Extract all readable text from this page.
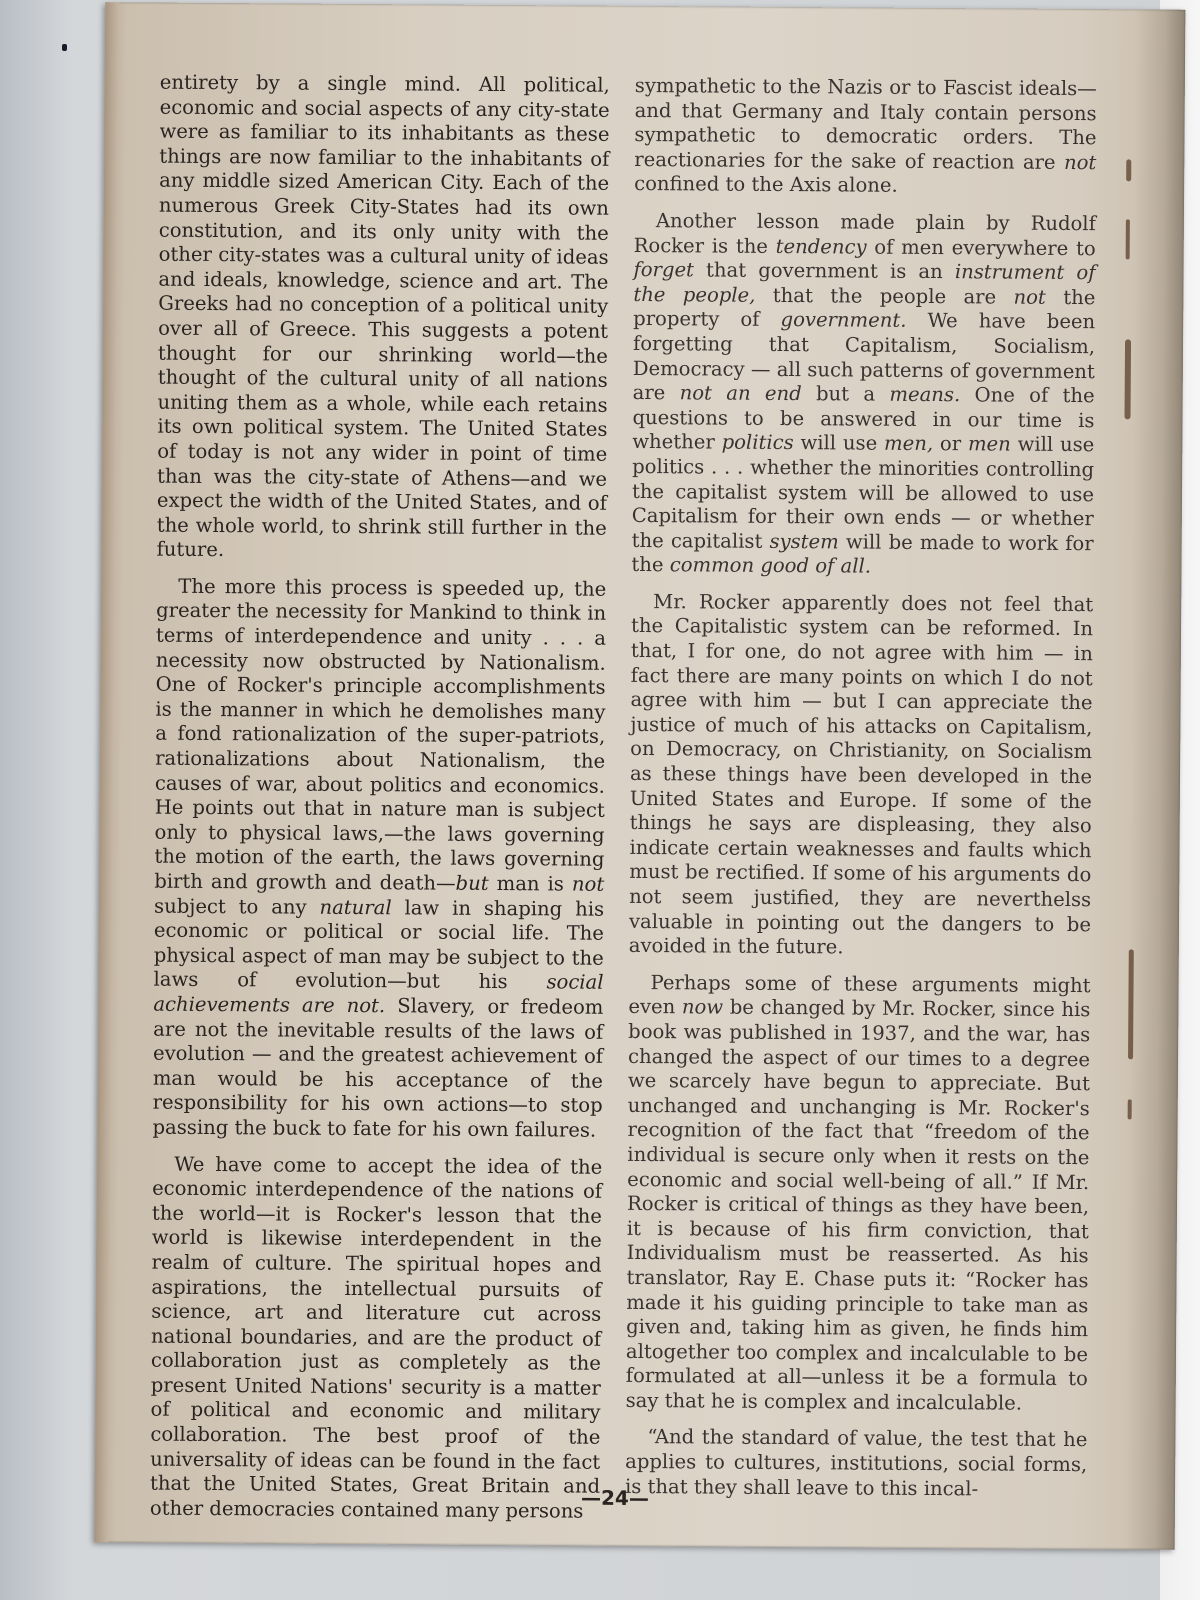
entirety by a single mind. All political, economic and social aspects of any city-state were as familiar to its inhabitants as these things are now familiar to the inhabitants of any middle sized American City. Each of the numerous Greek City-States had its own constitution, and its only unity with the other city-states was a cultural unity of ideas and ideals, knowledge, science and art. The Greeks had no conception of a political unity over all of Greece. This suggests a potent thought for our shrinking world—the thought of the cultural unity of all nations uniting them as a whole, while each retains its own political system. The United States of today is not any wider in point of time than was the city-state of Athens—and we expect the width of the United States, and of the whole world, to shrink still further in the future.

The more this process is speeded up, the greater the necessity for Mankind to think in terms of interdependence and unity . . . a necessity now obstructed by Nationalism. One of Rocker's principle accomplishments is the manner in which he demolishes many a fond rationalization of the super-patriots, rationalizations about Nationalism, the causes of war, about politics and economics. He points out that in nature man is subject only to physical laws,—the laws governing the motion of the earth, the laws governing birth and growth and death—but man is not subject to any natural law in shaping his economic or political or social life. The physical aspect of man may be subject to the laws of evolution—but his social achievements are not. Slavery, or fredeom are not the inevitable results of the laws of evolution — and the greatest achievement of man would be his acceptance of the responsibility for his own actions—to stop passing the buck to fate for his own failures.

We have come to accept the idea of the economic interdependence of the nations of the world—it is Rocker's lesson that the world is likewise interdependent in the realm of culture. The spiritual hopes and aspirations, the intellectual pursuits of science, art and literature cut across national boundaries, and are the product of collaboration just as completely as the present United Nations' security is a matter of political and economic and military collaboration. The best proof of the universality of ideas can be found in the fact that the United States, Great Britain and other democracies contained many persons

sympathetic to the Nazis or to Fascist ideals—and that Germany and Italy contain persons sympathetic to democratic orders. The reactionaries for the sake of reaction are not confined to the Axis alone.

Another lesson made plain by Rudolf Rocker is the tendency of men everywhere to forget that government is an instrument of the people, that the people are not the property of government. We have been forgetting that Capitalism, Socialism, Democracy — all such patterns of government are not an end but a means. One of the questions to be answered in our time is whether politics will use men, or men will use politics . . . whether the minorities controlling the capitalist system will be allowed to use Capitalism for their own ends — or whether the capitalist system will be made to work for the common good of all.

Mr. Rocker apparently does not feel that the Capitalistic system can be reformed. In that, I for one, do not agree with him — in fact there are many points on which I do not agree with him — but I can appreciate the justice of much of his attacks on Capitalism, on Democracy, on Christianity, on Socialism as these things have been developed in the United States and Europe. If some of the things he says are displeasing, they also indicate certain weaknesses and faults which must be rectified. If some of his arguments do not seem justified, they are neverthelss valuable in pointing out the dangers to be avoided in the future.

Perhaps some of these arguments might even now be changed by Mr. Rocker, since his book was published in 1937, and the war, has changed the aspect of our times to a degree we scarcely have begun to appreciate. But unchanged and unchanging is Mr. Rocker's recognition of the fact that “freedom of the individual is secure only when it rests on the economic and social well-being of all.” If Mr. Rocker is critical of things as they have been, it is because of his firm conviction, that Individualism must be reasserted. As his translator, Ray E. Chase puts it: “Rocker has made it his guiding principle to take man as given and, taking him as given, he finds him altogether too complex and incalculable to be formulated at all—unless it be a formula to say that he is complex and incalculable.

“And the standard of value, the test that he applies to cultures, institutions, social forms, is that they shall leave to this incal-

—24—
